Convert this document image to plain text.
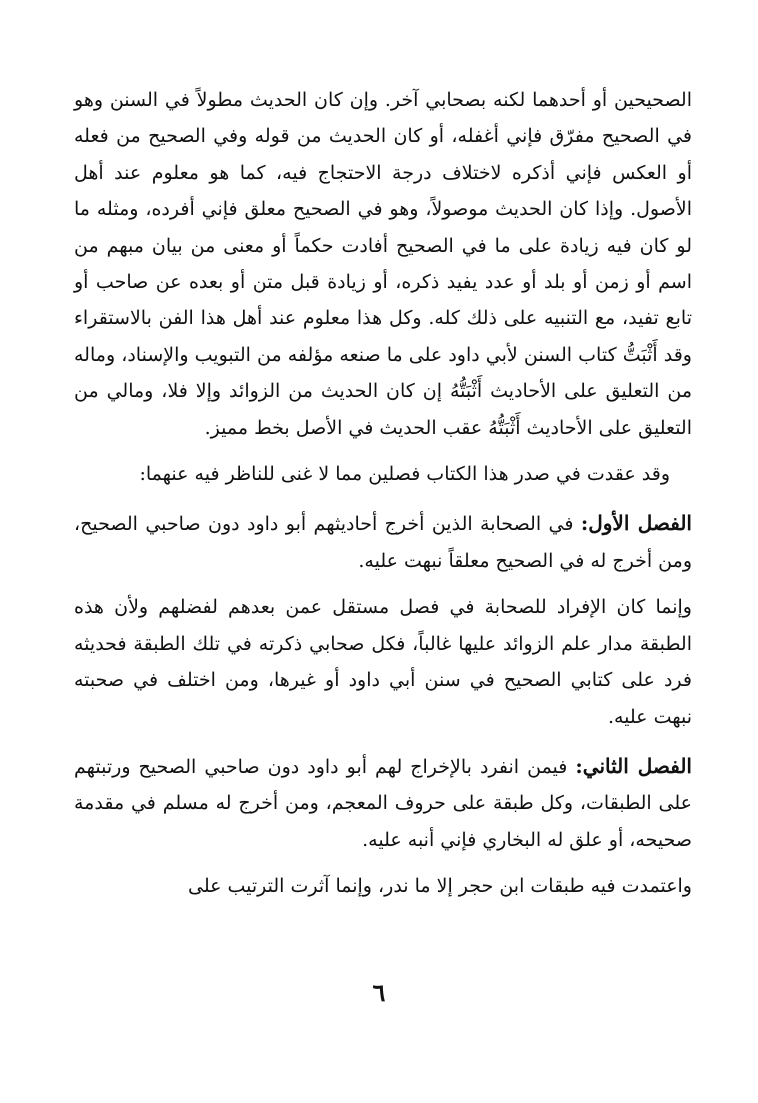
الصحيحين أو أحدهما لكنه بصحابي آخر. وإن كان الحديث مطولاً في السنن وهو في الصحيح مفرّق فإني أغفله، أو كان الحديث من قوله وفي الصحيح من فعله أو العكس فإني أذكره لاختلاف درجة الاحتجاج فيه، كما هو معلوم عند أهل الأصول. وإذا كان الحديث موصولاً، وهو في الصحيح معلق فإني أفرده، ومثله ما لو كان فيه زيادة على ما في الصحيح أفادت حكماً أو معنى من بيان مبهم من اسم أو زمن أو بلد أو عدد يفيد ذكره، أو زيادة قبل متن أو بعده عن صاحب أو تابع تفيد، مع التنبيه على ذلك كله. وكل هذا معلوم عند أهل هذا الفن بالاستقراء وقد أَثْبَتُّ كتاب السنن لأبي داود على ما صنعه مؤلفه من التبويب والإسناد، وماله من التعليق على الأحاديث أَثْبَتُّهُ إن كان الحديث من الزوائد وإلا فلا، ومالي من التعليق على الأحاديث أَثْبَتُّهُ عقب الحديث في الأصل بخط مميز.

وقد عقدت في صدر هذا الكتاب فصلين مما لا غنى للناظر فيه عنهما:

الفصل الأول: في الصحابة الذين أخرج أحاديثهم أبو داود دون صاحبي الصحيح، ومن أخرج له في الصحيح معلقاً نبهت عليه.

وإنما كان الإفراد للصحابة في فصل مستقل عمن بعدهم لفضلهم ولأن هذه الطبقة مدار علم الزوائد عليها غالباً، فكل صحابي ذكرته في تلك الطبقة فحديثه فرد على كتابي الصحيح في سنن أبي داود أو غيرها، ومن اختلف في صحبته نبهت عليه.

الفصل الثاني: فيمن انفرد بالإخراج لهم أبو داود دون صاحبي الصحيح ورتبتهم على الطبقات، وكل طبقة على حروف المعجم، ومن أخرج له مسلم في مقدمة صحيحه، أو علق له البخاري فإني أنبه عليه.

واعتمدت فيه طبقات ابن حجر إلا ما ندر، وإنما آثرت الترتيب على

٦
